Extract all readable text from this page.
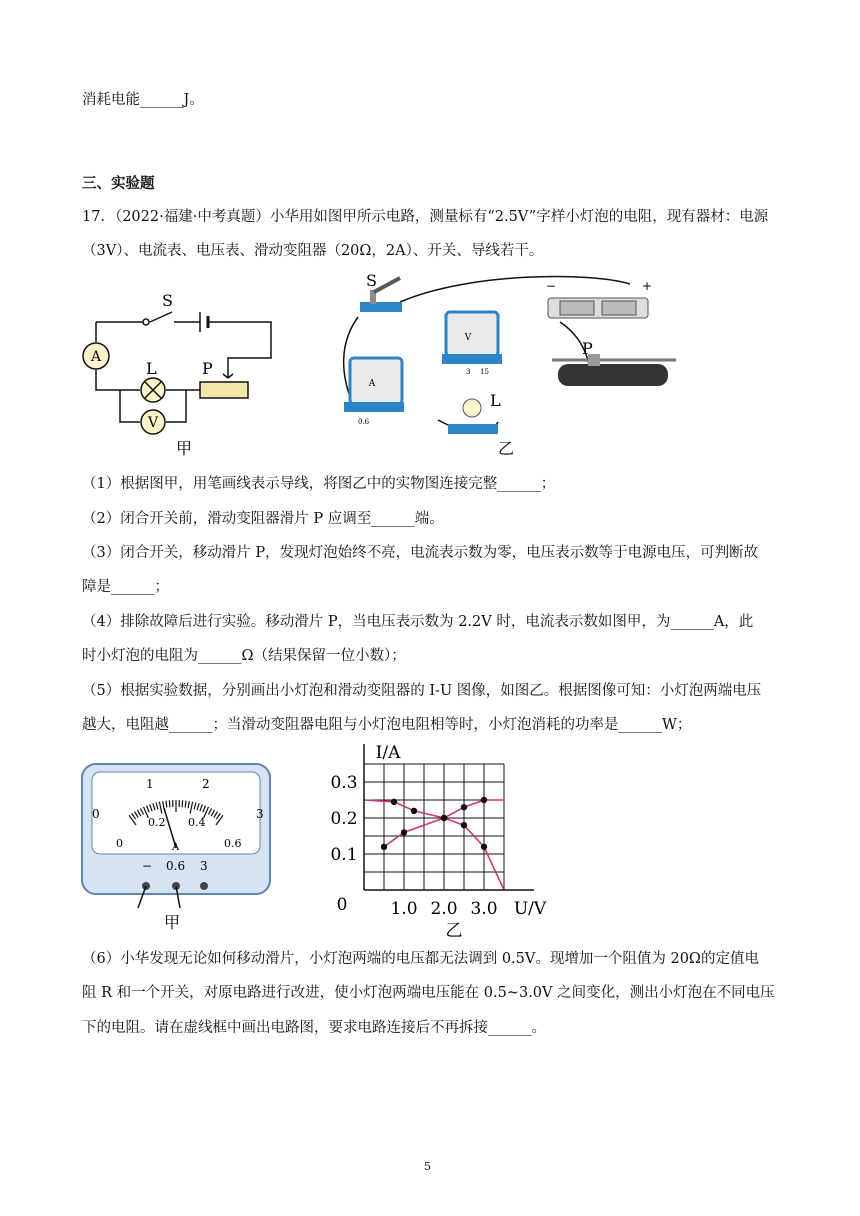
消耗电能______J。
三、实验题
17．（2022·福建·中考真题）小华用如图甲所示电路，测量标有“2.5V”字样小灯泡的电阻，现有器材：电源
（3V）、电流表、电压表、滑动变阻器（20Ω，2A）、开关、导线若干。
A
V
S
L	P
甲
S	−	+
V
3 15
A
0.6
L
P
乙
（1）根据图甲，用笔画线表示导线，将图乙中的实物图连接完整______；
（2）闭合开关前，滑动变阻器滑片 P 应调至______端。
（3）闭合开关，移动滑片 P，发现灯泡始终不亮，电流表示数为零，电压表示数等于电源电压，可判断故
障是______；
（4）排除故障后进行实验。移动滑片 P，当电压表示数为 2.2V 时，电流表示数如图甲，为______A，此
时小灯泡的电阻为______Ω（结果保留一位小数）；
（5）根据实验数据，分别画出小灯泡和滑动变阻器的 I-U 图像，如图乙。根据图像可知：小灯泡两端电压
越大，电阻越______；当滑动变阻器电阻与小灯泡电阻相等时，小灯泡消耗的功率是______W；
0
1	2
3
0
0.2 0.4
0.6
A
− 0.6 3
甲
1.0 2.0 3.0
0.1
0.2
0.3
0
I/A
U/V
乙
（6）小华发现无论如何移动滑片，小灯泡两端的电压都无法调到 0.5V。现增加一个阻值为 20Ω的定值电
阻 R 和一个开关，对原电路进行改进，使小灯泡两端电压能在 0.5~3.0V 之间变化，测出小灯泡在不同电压
下的电阻。请在虚线框中画出电路图，要求电路连接后不再拆接______。
5
